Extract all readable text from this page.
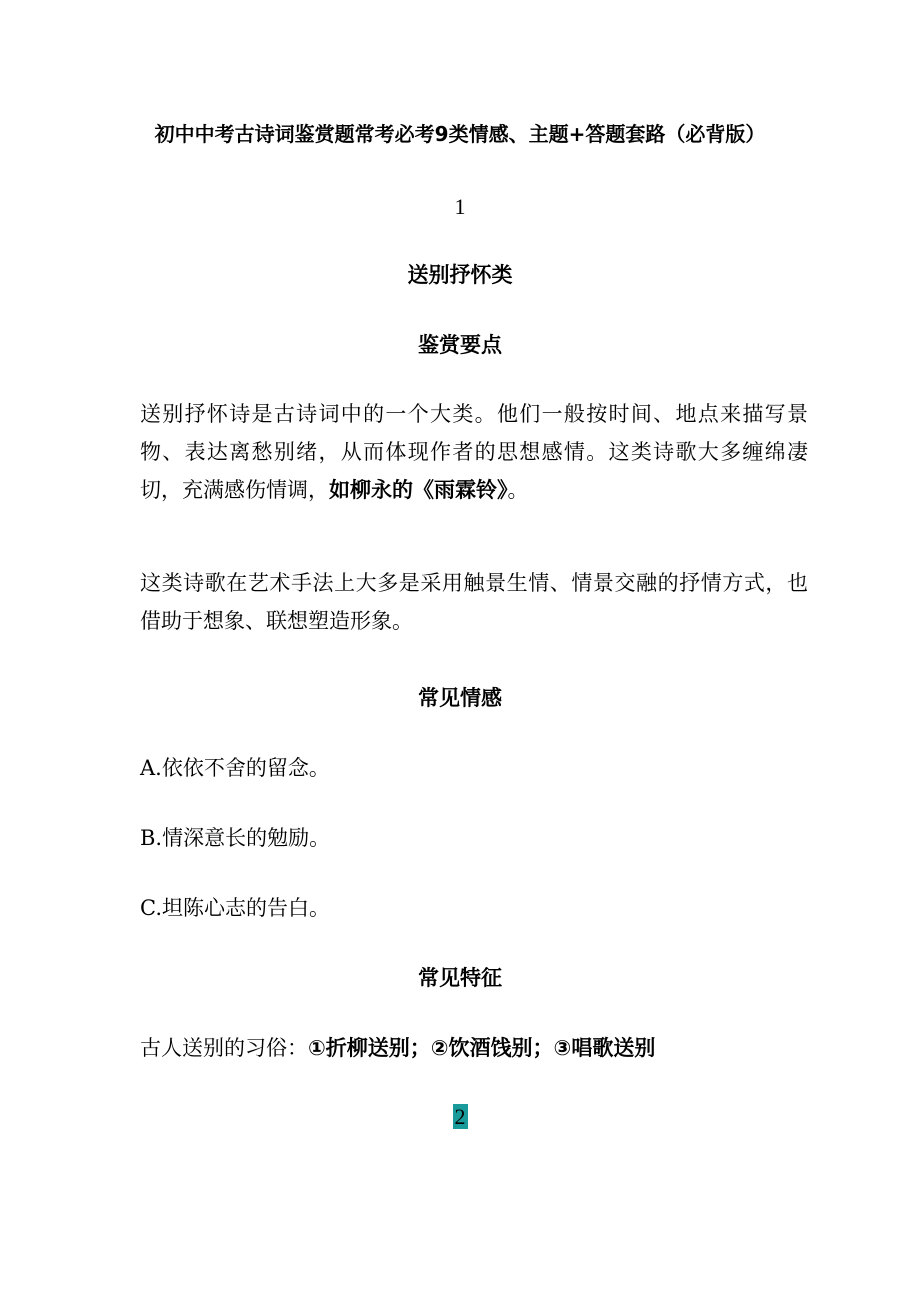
初中中考古诗词鉴赏题常考必考9类情感、主题+答题套路（必背版）
1
送别抒怀类
鉴赏要点
送别抒怀诗是古诗词中的一个大类。他们一般按时间、地点来描写景物、表达离愁别绪，从而体现作者的思想感情。这类诗歌大多缠绵凄切，充满感伤情调，如柳永的《雨霖铃》。
这类诗歌在艺术手法上大多是采用触景生情、情景交融的抒情方式，也借助于想象、联想塑造形象。
常见情感
A.依依不舍的留念。
B.情深意长的勉励。
C.坦陈心志的告白。
常见特征
古人送别的习俗：①折柳送别；②饮酒饯别；③唱歌送别
2
